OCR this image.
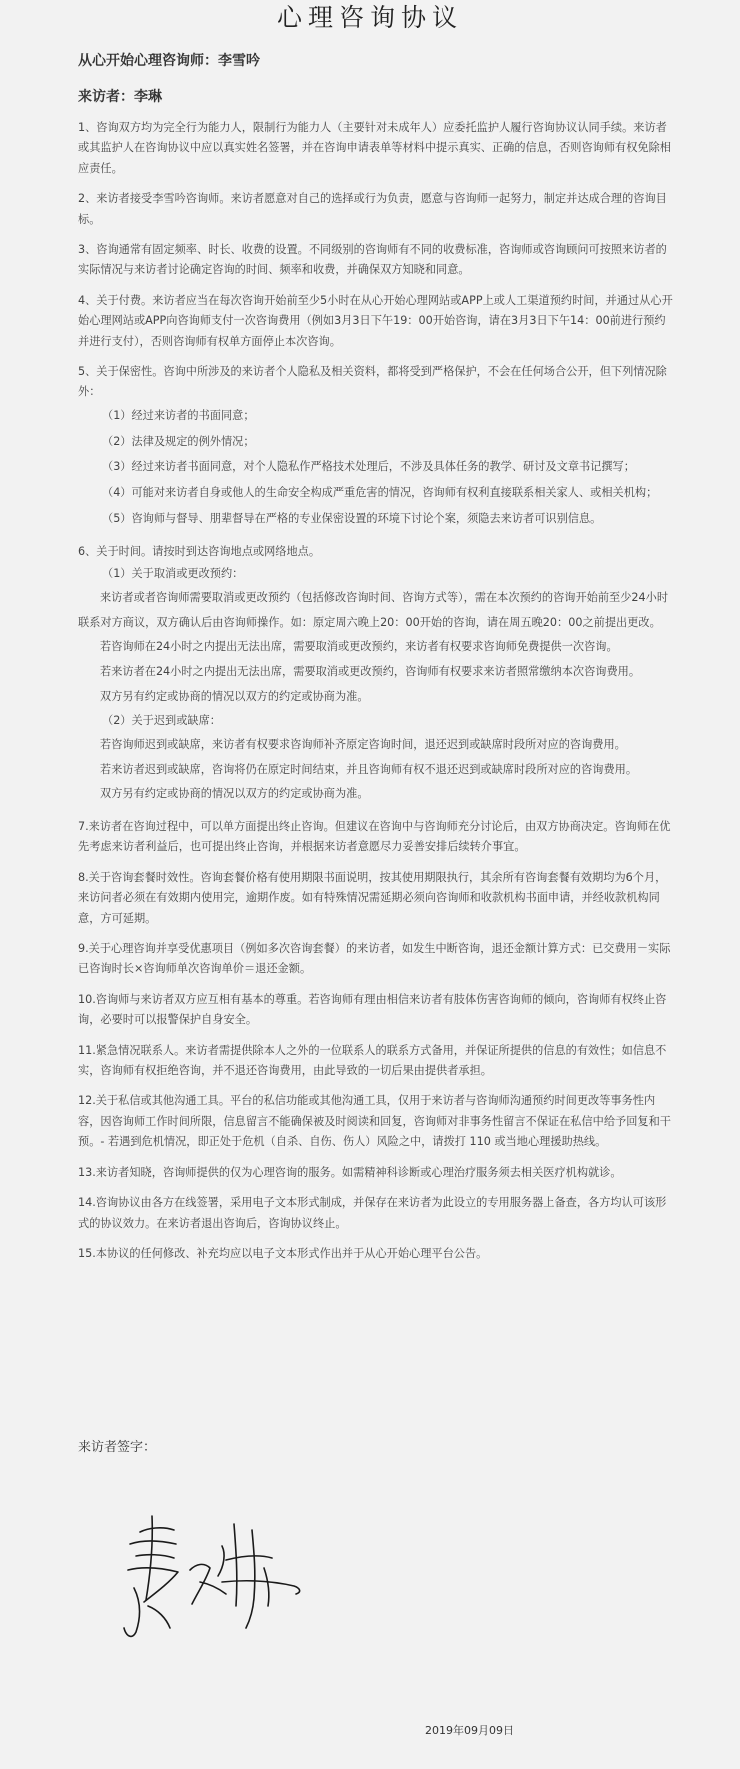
心理咨询协议
从心开始心理咨询师：李雪吟
来访者：李琳

1、咨询双方均为完全行为能力人，限制行为能力人（主要针对未成年人）应委托监护人履行咨询协议认同手续。来访者或其监护人在咨询协议中应以真实姓名签署，并在咨询申请表单等材料中提示真实、正确的信息，否则咨询师有权免除相应责任。

2、来访者接受李雪吟咨询师。来访者愿意对自己的选择或行为负责，愿意与咨询师一起努力，制定并达成合理的咨询目标。

3、咨询通常有固定频率、时长、收费的设置。不同级别的咨询师有不同的收费标准，咨询师或咨询顾问可按照来访者的实际情况与来访者讨论确定咨询的时间、频率和收费，并确保双方知晓和同意。

4、关于付费。来访者应当在每次咨询开始前至少5小时在从心开始心理网站或APP上或人工渠道预约时间，并通过从心开始心理网站或APP向咨询师支付一次咨询费用（例如3月3日下午19：00开始咨询，请在3月3日下午14：00前进行预约并进行支付），否则咨询师有权单方面停止本次咨询。

5、关于保密性。咨询中所涉及的来访者个人隐私及相关资料，都将受到严格保护，不会在任何场合公开，但下列情况除外：
（1）经过来访者的书面同意；
（2）法律及规定的例外情况；
（3）经过来访者书面同意，对个人隐私作严格技术处理后，不涉及具体任务的教学、研讨及文章书记撰写；
（4）可能对来访者自身或他人的生命安全构成严重危害的情况，咨询师有权利直接联系相关家人、或相关机构；
（5）咨询师与督导、朋辈督导在严格的专业保密设置的环境下讨论个案，须隐去来访者可识别信息。
6、关于时间。请按时到达咨询地点或网络地点。
（1）关于取消或更改预约：
来访者或者咨询师需要取消或更改预约（包括修改咨询时间、咨询方式等），需在本次预约的咨询开始前至少24小时联系对方商议，双方确认后由咨询师操作。如：原定周六晚上20：00开始的咨询，请在周五晚20：00之前提出更改。
若咨询师在24小时之内提出无法出席，需要取消或更改预约，来访者有权要求咨询师免费提供一次咨询。
若来访者在24小时之内提出无法出席，需要取消或更改预约，咨询师有权要求来访者照常缴纳本次咨询费用。
双方另有约定或协商的情况以双方的约定或协商为准。
（2）关于迟到或缺席：
若咨询师迟到或缺席，来访者有权要求咨询师补齐原定咨询时间，退还迟到或缺席时段所对应的咨询费用。
若来访者迟到或缺席，咨询将仍在原定时间结束，并且咨询师有权不退还迟到或缺席时段所对应的咨询费用。
双方另有约定或协商的情况以双方的约定或协商为准。

7.来访者在咨询过程中，可以单方面提出终止咨询。但建议在咨询中与咨询师充分讨论后，由双方协商决定。咨询师在优先考虑来访者利益后，也可提出终止咨询，并根据来访者意愿尽力妥善安排后续转介事宜。

8.关于咨询套餐时效性。咨询套餐价格有使用期限书面说明，按其使用期限执行，其余所有咨询套餐有效期均为6个月，来访问者必须在有效期内使用完，逾期作废。如有特殊情况需延期必须向咨询师和收款机构书面申请，并经收款机构同意，方可延期。

9.关于心理咨询并享受优惠项目（例如多次咨询套餐）的来访者，如发生中断咨询，退还金额计算方式：已交费用－实际已咨询时长×咨询师单次咨询单价＝退还金额。

10.咨询师与来访者双方应互相有基本的尊重。若咨询师有理由相信来访者有肢体伤害咨询师的倾向，咨询师有权终止咨询，必要时可以报警保护自身安全。

11.紧急情况联系人。来访者需提供除本人之外的一位联系人的联系方式备用，并保证所提供的信息的有效性；如信息不实，咨询师有权拒绝咨询，并不退还咨询费用，由此导致的一切后果由提供者承担。

12.关于私信或其他沟通工具。平台的私信功能或其他沟通工具，仅用于来访者与咨询师沟通预约时间更改等事务性内容，因咨询师工作时间所限，信息留言不能确保被及时阅读和回复，咨询师对非事务性留言不保证在私信中给予回复和干预。- 若遇到危机情况，即正处于危机（自杀、自伤、伤人）风险之中，请拨打 110 或当地心理援助热线。

13.来访者知晓，咨询师提供的仅为心理咨询的服务。如需精神科诊断或心理治疗服务须去相关医疗机构就诊。

14.咨询协议由各方在线签署，采用电子文本形式制成，并保存在来访者为此设立的专用服务器上备查，各方均认可该形式的协议效力。在来访者退出咨询后，咨询协议终止。

15.本协议的任何修改、补充均应以电子文本形式作出并于从心开始心理平台公告。

来访者签字：
2019年09月09日
